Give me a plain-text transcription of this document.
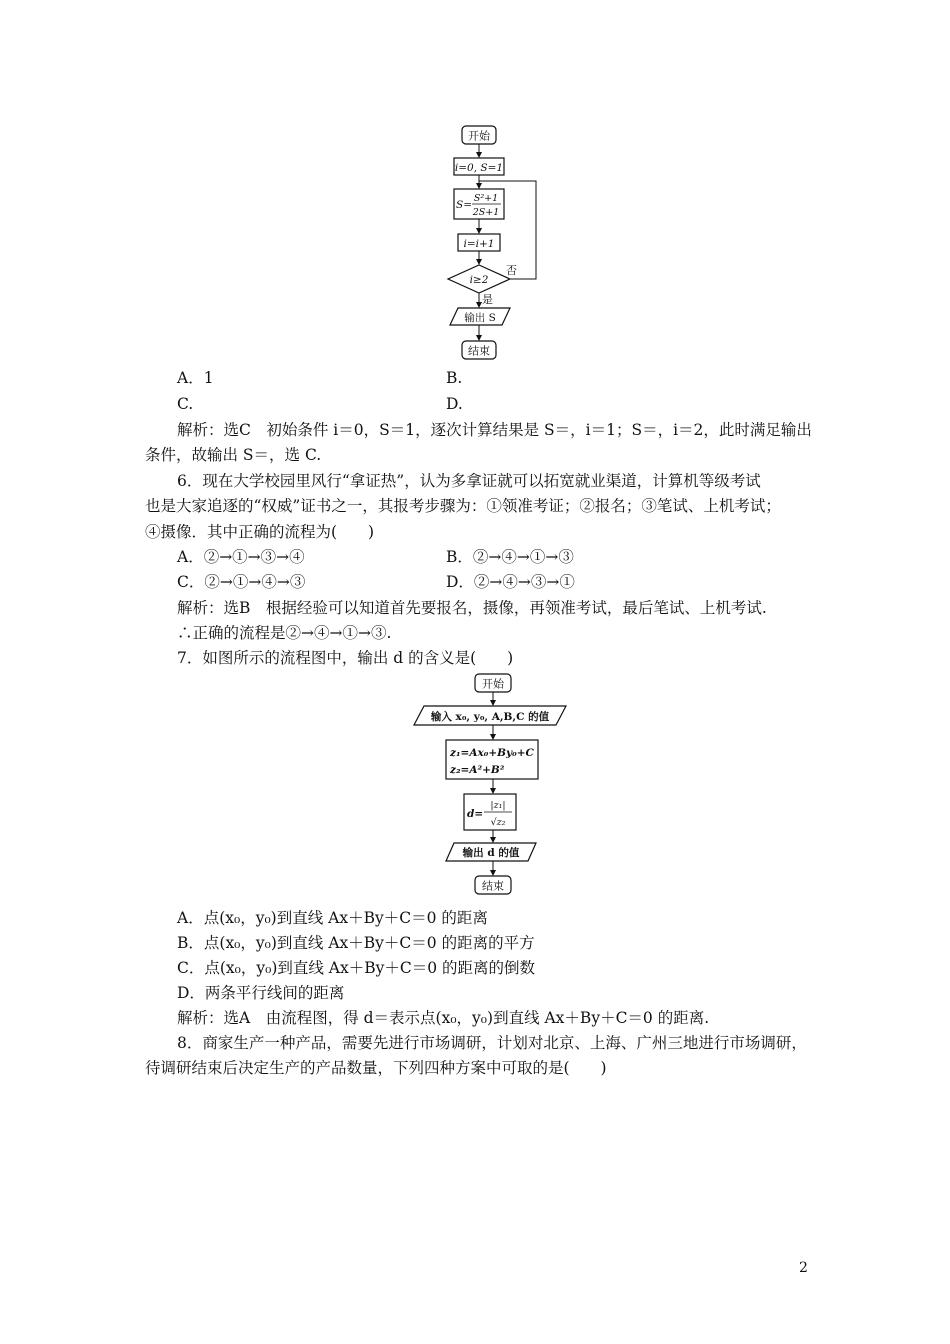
开始
i=0, S=1
S=
S²+1
2S+1
i=i+1
i≥2
否
是
输出 S
结束
A．1	B.
C.	D.
解析：选C　初始条件 i＝0，S＝1，逐次计算结果是 S＝，i＝1；S＝，i＝2，此时满足输出
条件，故输出 S＝，选 C.
6．现在大学校园里风行“拿证热”，认为多拿证就可以拓宽就业渠道，计算机等级考试
也是大家追逐的“权威”证书之一，其报考步骤为：①领准考证；②报名；③笔试、上机考试；
④摄像．其中正确的流程为(　　)
A．②→①→③→④	B．②→④→①→③
C．②→①→④→③	D．②→④→③→①
解析：选B　根据经验可以知道首先要报名，摄像，再领准考试，最后笔试、上机考试.
∴正确的流程是②→④→①→③.
7．如图所示的流程图中，输出 d 的含义是(　　)
开始
输入 x₀, y₀, A,B,C 的值
z₁=Ax₀+By₀+C
z₂=A²+B²
d=
|z₁|
√z₂
输出 d 的值
结束
A．点(x₀，y₀)到直线 Ax＋By＋C＝0 的距离
B．点(x₀，y₀)到直线 Ax＋By＋C＝0 的距离的平方
C．点(x₀，y₀)到直线 Ax＋By＋C＝0 的距离的倒数
D．两条平行线间的距离
解析：选A　由流程图，得 d＝表示点(x₀，y₀)到直线 Ax＋By＋C＝0 的距离.
8．商家生产一种产品，需要先进行市场调研，计划对北京、上海、广州三地进行市场调研，
待调研结束后决定生产的产品数量，下列四种方案中可取的是(　　)
2
